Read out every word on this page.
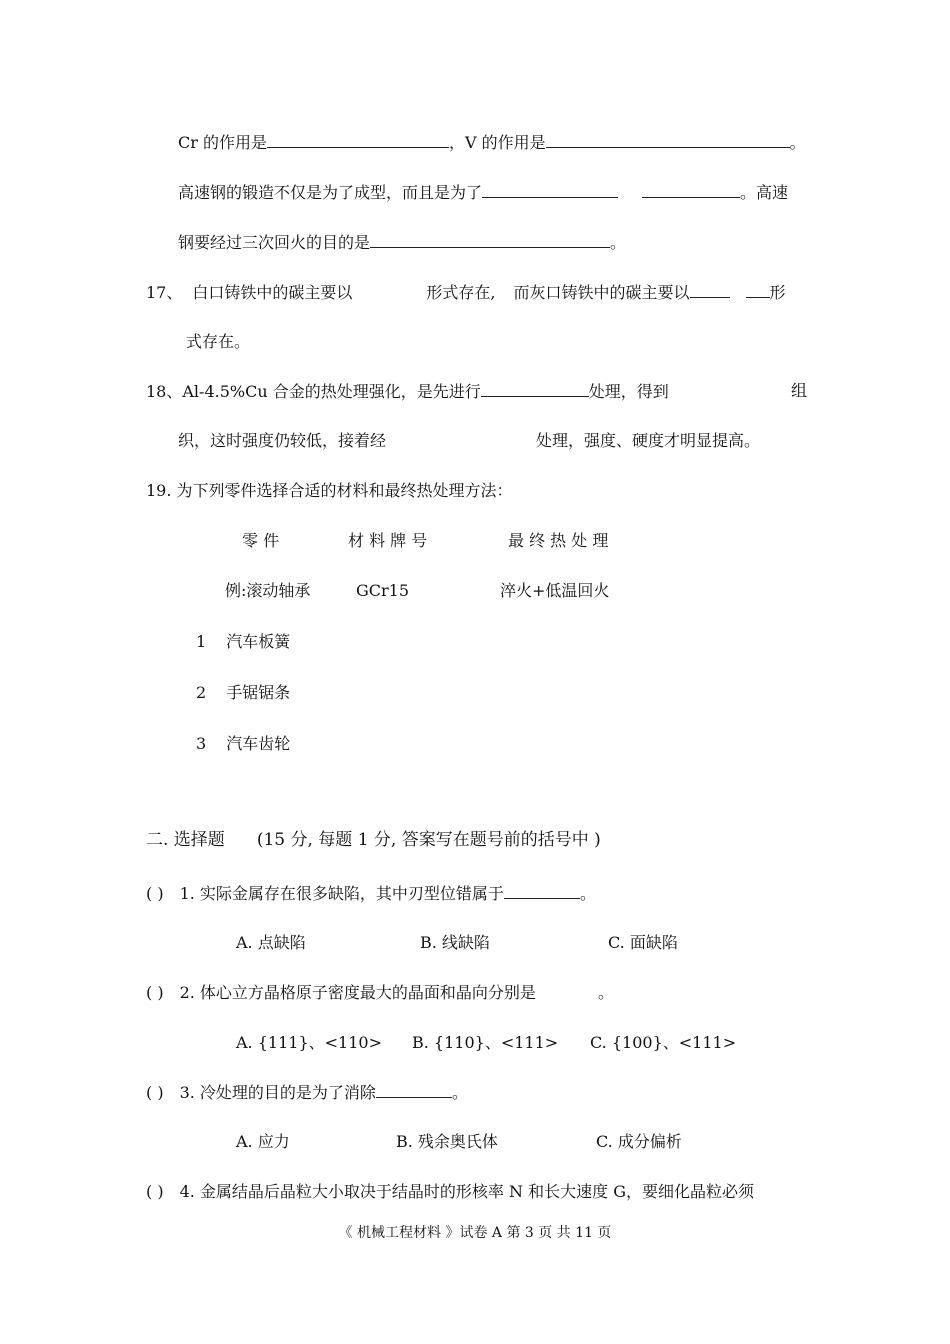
Cr 的作用是	，V 的作用是	。
高速钢的锻造不仅是为了成型，而且是为了	。高速
钢要经过三次回火的目的是	。
17、 白口铸铁中的碳主要以	形式存在, 而灰口铸铁中的碳主要以	形
式存在。
18、Al-4.5%Cu 合金的热处理强化，是先进行	处理，得到	组
织，这时强度仍较低，接着经	处理，强度、硬度才明显提高。
19. 为下列零件选择合适的材料和最终热处理方法：
零 件	材 料 牌 号	最 终 热 处 理
例:滚动轴承	GCr15	淬火+低温回火
1 汽车板簧
2 手锯锯条
3 汽车齿轮
二. 选择题 (15 分, 每题 1 分, 答案写在题号前的括号中 )
( ) 1. 实际金属存在很多缺陷，其中刃型位错属于	。
A. 点缺陷	B. 线缺陷	C. 面缺陷
( ) 2. 体心立方晶格原子密度最大的晶面和晶向分别是	。
A. {111}、<110> B. {110}、<111> C. {100}、<111>
( ) 3. 冷处理的目的是为了消除	。
A. 应力	B. 残余奥氏体	C. 成分偏析
( ) 4. 金属结晶后晶粒大小取决于结晶时的形核率 N 和长大速度 G，要细化晶粒必须
《 机械工程材料 》试卷 A 第 3 页 共 11 页
